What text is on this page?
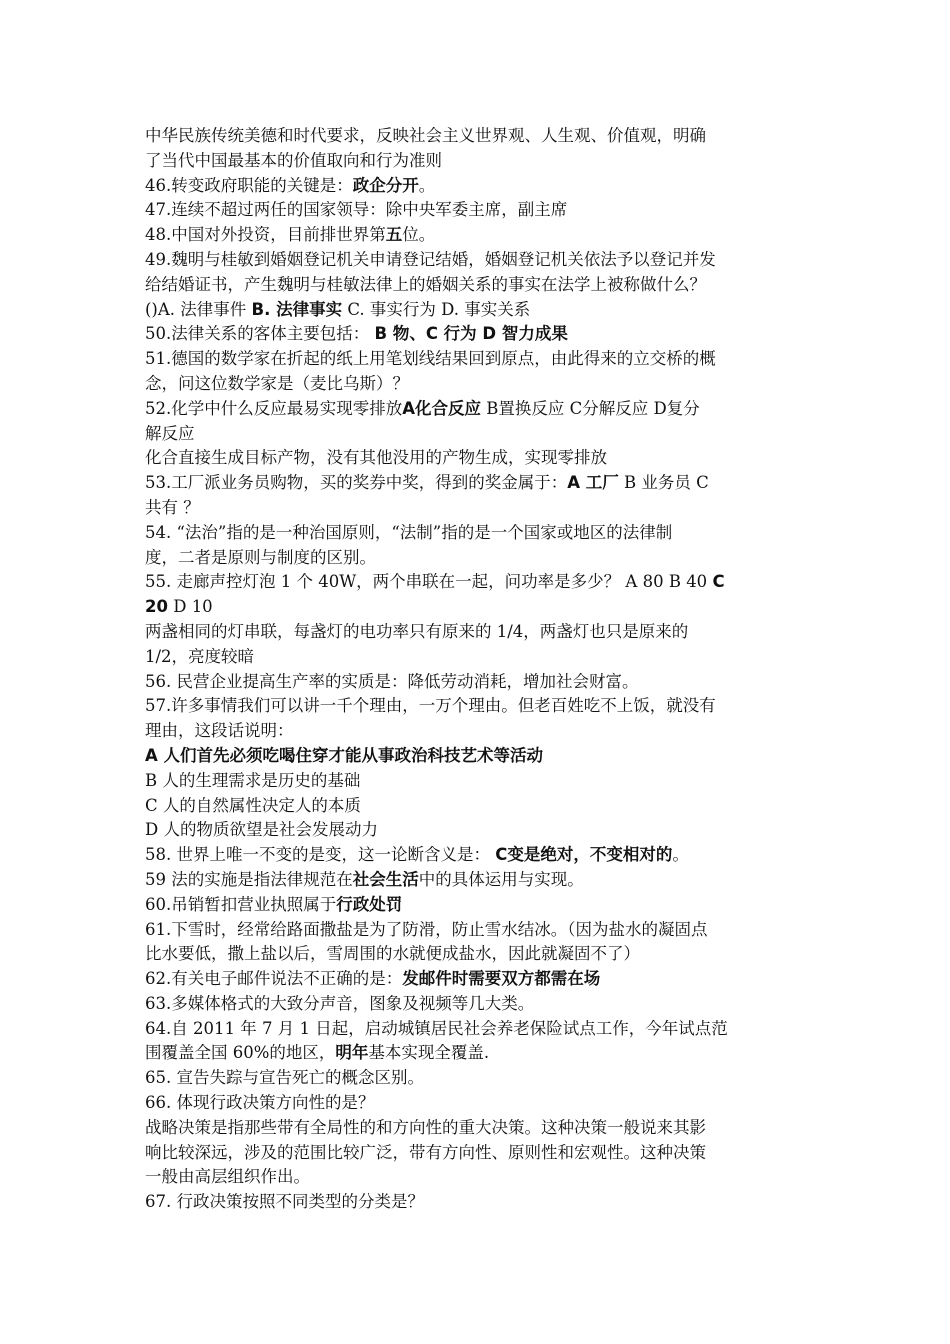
中华民族传统美德和时代要求，反映社会主义世界观、人生观、价值观，明确
了当代中国最基本的价值取向和行为准则
46.转变政府职能的关键是：政企分开。
47.连续不超过两任的国家领导：除中央军委主席，副主席
48.中国对外投资，目前排世界第五位。
49.魏明与桂敏到婚姻登记机关申请登记结婚，婚姻登记机关依法予以登记并发
给结婚证书，产生魏明与桂敏法律上的婚姻关系的事实在法学上被称做什么？
()A. 法律事件 B. 法律事实 C. 事实行为 D. 事实关系
50.法律关系的客体主要包括： B 物、C 行为 D 智力成果
51.德国的数学家在折起的纸上用笔划线结果回到原点，由此得来的立交桥的概
念，问这位数学家是（麦比乌斯）？
52.化学中什么反应最易实现零排放A化合反应 B置换反应 C分解反应 D复分
解反应
化合直接生成目标产物，没有其他没用的产物生成，实现零排放
53.工厂派业务员购物，买的奖券中奖，得到的奖金属于：A 工厂 B 业务员 C
共有 ？
54. “法治”指的是一种治国原则，“法制”指的是一个国家或地区的法律制
度，二者是原则与制度的区别。
55. 走廊声控灯泡 1 个 40W，两个串联在一起，问功率是多少？ A 80 B 40 C
20 D 10
两盏相同的灯串联，每盏灯的电功率只有原来的 1/4，两盏灯也只是原来的
1/2，亮度较暗
56. 民营企业提高生产率的实质是：降低劳动消耗，增加社会财富。
57.许多事情我们可以讲一千个理由，一万个理由。但老百姓吃不上饭，就没有
理由，这段话说明：
A 人们首先必须吃喝住穿才能从事政治科技艺术等活动
B 人的生理需求是历史的基础
C 人的自然属性决定人的本质
D 人的物质欲望是社会发展动力
58. 世界上唯一不变的是变，这一论断含义是： C变是绝对，不变相对的。
59 法的实施是指法律规范在社会生活中的具体运用与实现。
60.吊销暂扣营业执照属于行政处罚
61.下雪时，经常给路面撒盐是为了防滑，防止雪水结冰。（因为盐水的凝固点
比水要低，撒上盐以后，雪周围的水就便成盐水，因此就凝固不了）
62.有关电子邮件说法不正确的是：发邮件时需要双方都需在场
63.多媒体格式的大致分声音，图象及视频等几大类。
64.自 2011 年 7 月 1 日起，启动城镇居民社会养老保险试点工作，今年试点范
围覆盖全国 60%的地区，明年基本实现全覆盖.
65. 宣告失踪与宣告死亡的概念区别。
66. 体现行政决策方向性的是？
战略决策是指那些带有全局性的和方向性的重大决策。这种决策一般说来其影
响比较深远，涉及的范围比较广泛，带有方向性、原则性和宏观性。这种决策
一般由高层组织作出。
67. 行政决策按照不同类型的分类是？
